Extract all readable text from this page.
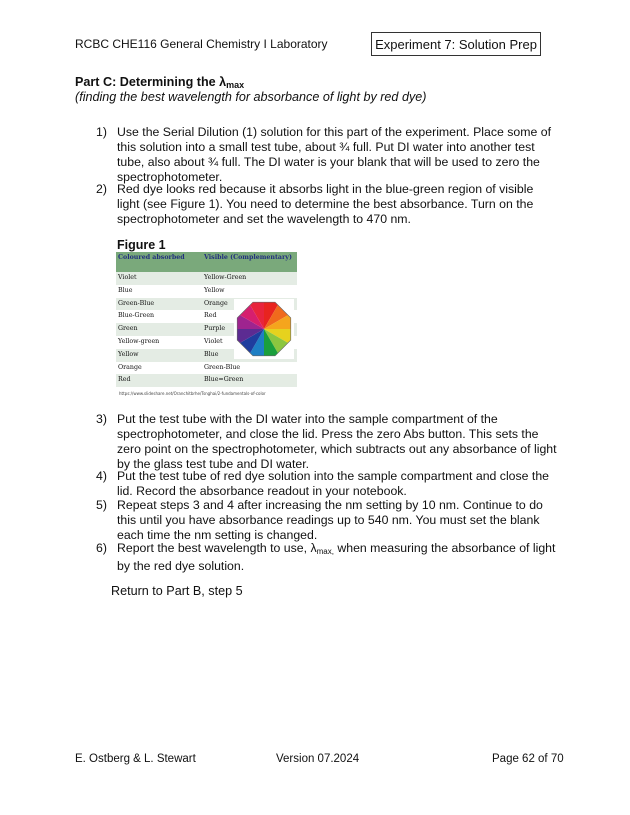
RCBC CHE116 General Chemistry I Laboratory	Experiment 7: Solution Prep
Part C: Determining the $\lambda_{max}$
(finding the best wavelength for absorbance of light by red dye)
1) Use the Serial Dilution (1) solution for this part of the experiment. Place some of this solution into a small test tube, about ¾ full. Put DI water into another test tube, also about ¾ full. The DI water is your blank that will be used to zero the spectrophotometer.
2) Red dye looks red because it absorbs light in the blue-green region of visible light (see Figure 1). You need to determine the best absorbance. Turn on the spectrophotometer and set the wavelength to 470 nm.
Figure 1
Coloured absorbed	Visible (Complementary)
Violet	Yellow-Green
Blue	Yellow
Green-Blue	Orange
Blue-Green	Red
Green	Purple
Yellow-green	Violet
Yellow	Blue
Orange	Green-Blue
Red	Blue=Green
https://www.slideshare.net/Oranchitbrhe/Tsnghai/2-fundamentals-of-color	
3) Put the test tube with the DI water into the sample compartment of the spectrophotometer, and close the lid. Press the zero Abs button. This sets the zero point on the spectrophotometer, which subtracts out any absorbance of light by the glass test tube and DI water.
4) Put the test tube of red dye solution into the sample compartment and close the lid. Record the absorbance readout in your notebook.
5) Repeat steps 3 and 4 after increasing the nm setting by 10 nm. Continue to do this until you have absorbance readings up to 540 nm. You must set the blank each time the nm setting is changed.
6) Report the best wavelength to use, $\lambda_{max,}$ when measuring the absorbance of light by the red dye solution.
Return to Part B, step 5
E. Ostberg & L. Stewart	Version 07.2024	Page 62 of 70
